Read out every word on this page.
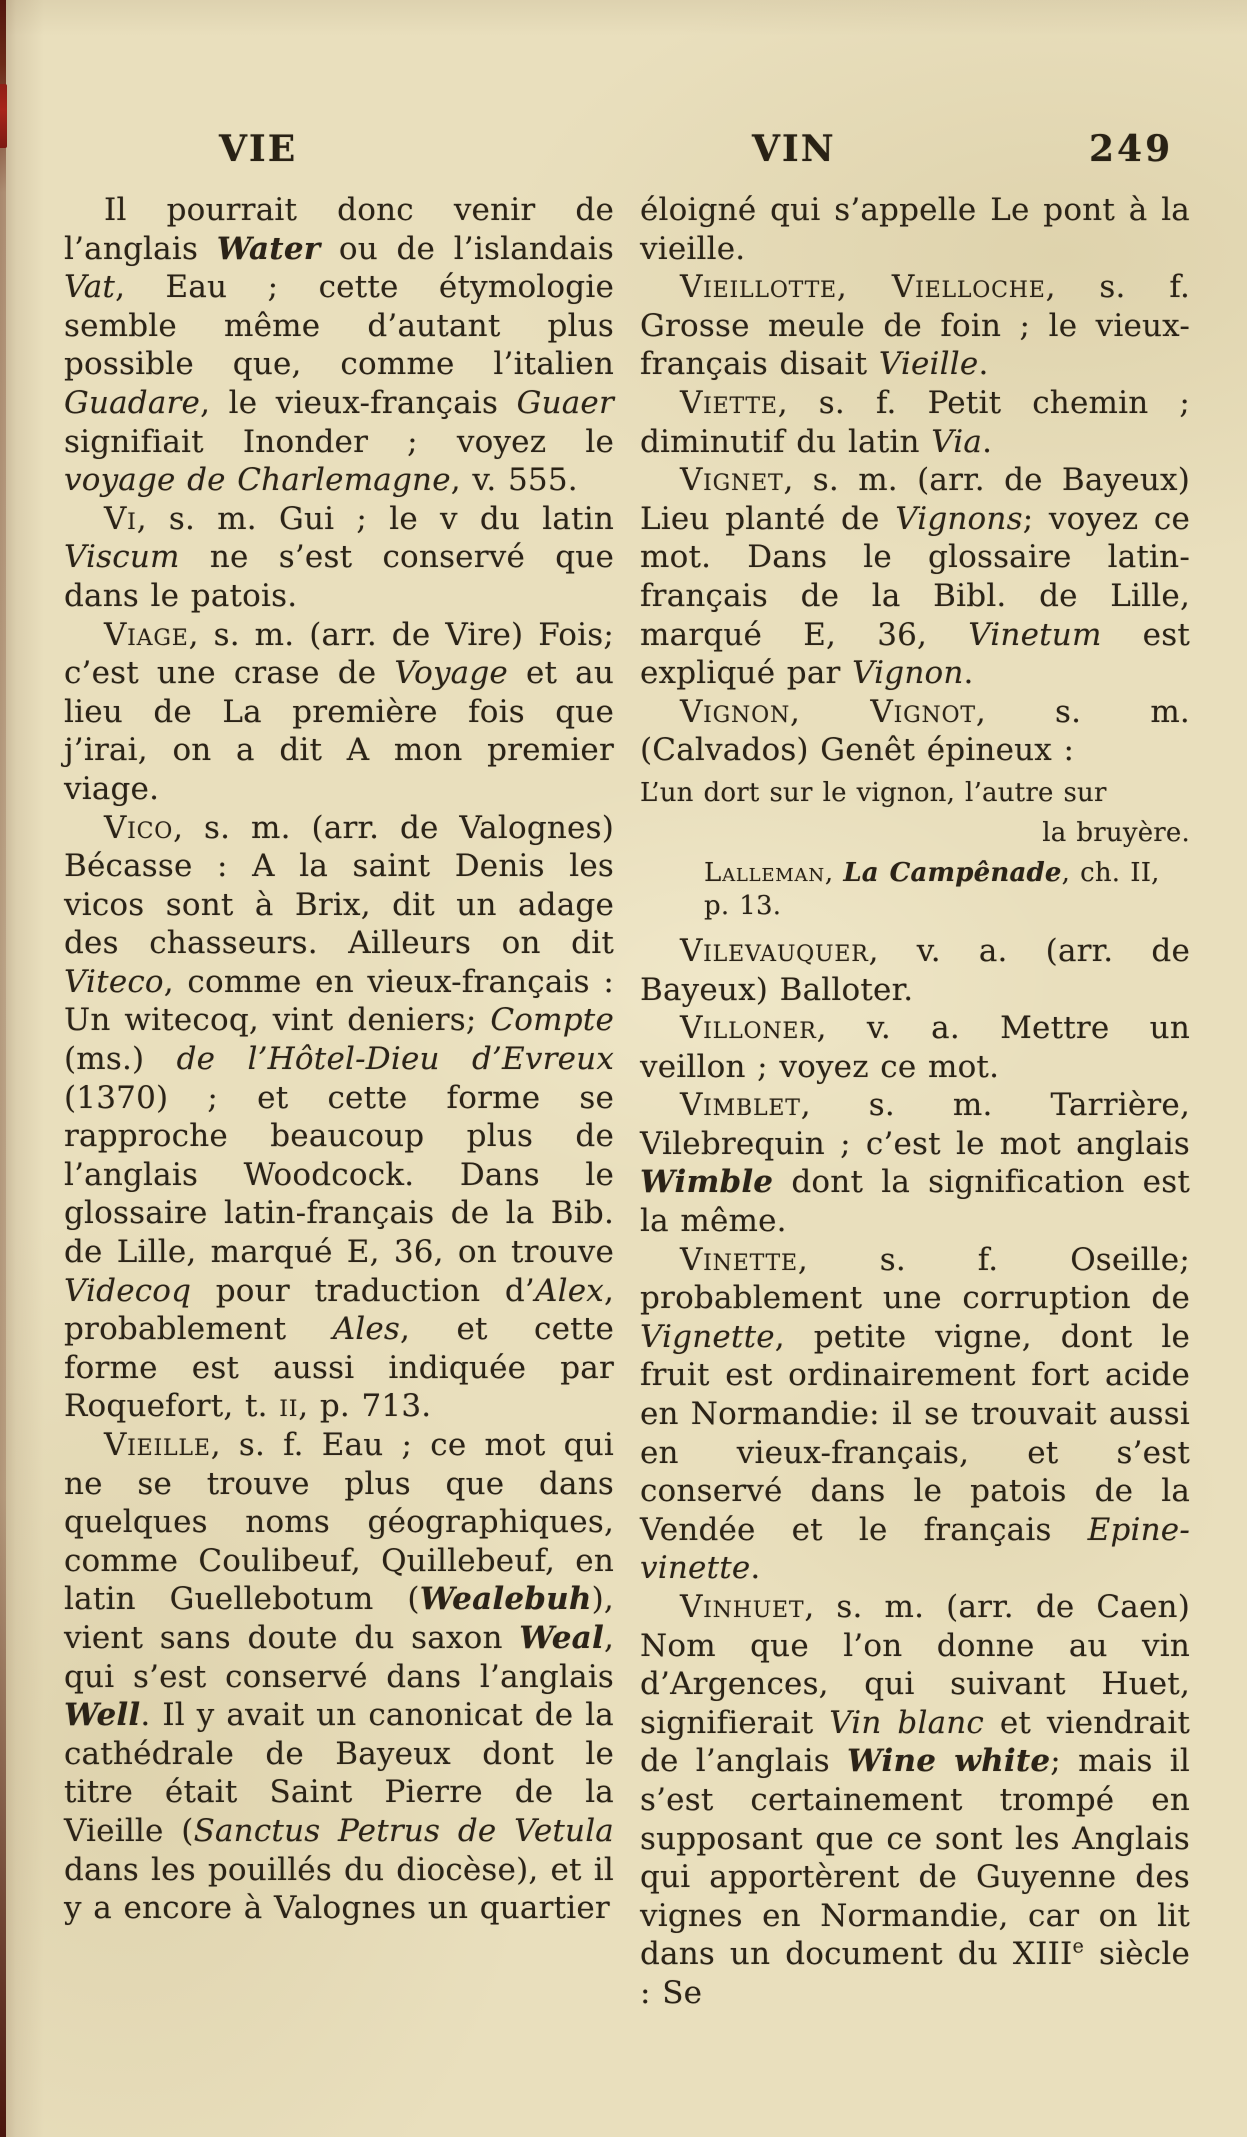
VIE	VIN	249

Il pourrait donc venir de l’anglais Water ou de l’islandais Vat, Eau ; cette étymologie semble même d’autant plus possible que, comme l’italien Guadare, le vieux-français Guaer signifiait Inonder ; voyez le voyage de Charlemagne, v. 555.

Vi, s. m. Gui ; le v du latin Viscum ne s’est conservé que dans le patois.

Viage, s. m. (arr. de Vire) Fois; c’est une crase de Voyage et au lieu de La première fois que j’irai, on a dit A mon premier viage.

Vico, s. m. (arr. de Valognes) Bécasse : A la saint Denis les vicos sont à Brix, dit un adage des chasseurs. Ailleurs on dit Viteco, comme en vieux-français : Un witecoq, vint deniers; Compte (ms.) de l’Hôtel-Dieu d’Evreux (1370) ; et cette forme se rapproche beaucoup plus de l’anglais Woodcock. Dans le glossaire latin-français de la Bib. de Lille, marqué E, 36, on trouve Videcoq pour traduction d’Alex, probablement Ales, et cette forme est aussi indiquée par Roquefort, t. ii, p. 713.

Vieille, s. f. Eau ; ce mot qui ne se trouve plus que dans quelques noms géographiques, comme Coulibeuf, Quillebeuf, en latin Guellebotum (Wealebuh), vient sans doute du saxon Weal, qui s’est conservé dans l’anglais Well. Il y avait un canonicat de la cathédrale de Bayeux dont le titre était Saint Pierre de la Vieille (Sanctus Petrus de Vetula dans les pouillés du diocèse), et il y a encore à Valognes un quartier

éloigné qui s’appelle Le pont à la vieille.

Vieillotte, Vielloche, s. f. Grosse meule de foin ; le vieux-français disait Vieille.

Viette, s. f. Petit chemin ; diminutif du latin Via.

Vignet, s. m. (arr. de Bayeux) Lieu planté de Vignons; voyez ce mot. Dans le glossaire latin-français de la Bibl. de Lille, marqué E, 36, Vinetum est expliqué par Vignon.

Vignon, Vignot, s. m. (Calvados) Genêt épineux :

L’un dort sur le vignon, l’autre sur

la bruyère.

Lalleman, La Campênade, ch. II, p. 13.

Vilevauquer, v. a. (arr. de Bayeux) Balloter.

Villoner, v. a. Mettre un veillon ; voyez ce mot.

Vimblet, s. m. Tarrière, Vilebrequin ; c’est le mot anglais Wimble dont la signification est la même.

Vinette, s. f. Oseille; probablement une corruption de Vignette, petite vigne, dont le fruit est ordinairement fort acide en Normandie: il se trouvait aussi en vieux-français, et s’est conservé dans le patois de la Vendée et le français Epine-vinette.

Vinhuet, s. m. (arr. de Caen) Nom que l’on donne au vin d’Argences, qui suivant Huet, signifierait Vin blanc et viendrait de l’anglais Wine white; mais il s’est certainement trompé en supposant que ce sont les Anglais qui apportèrent de Guyenne des vignes en Normandie, car on lit dans un document du XIIIe siècle : Se
